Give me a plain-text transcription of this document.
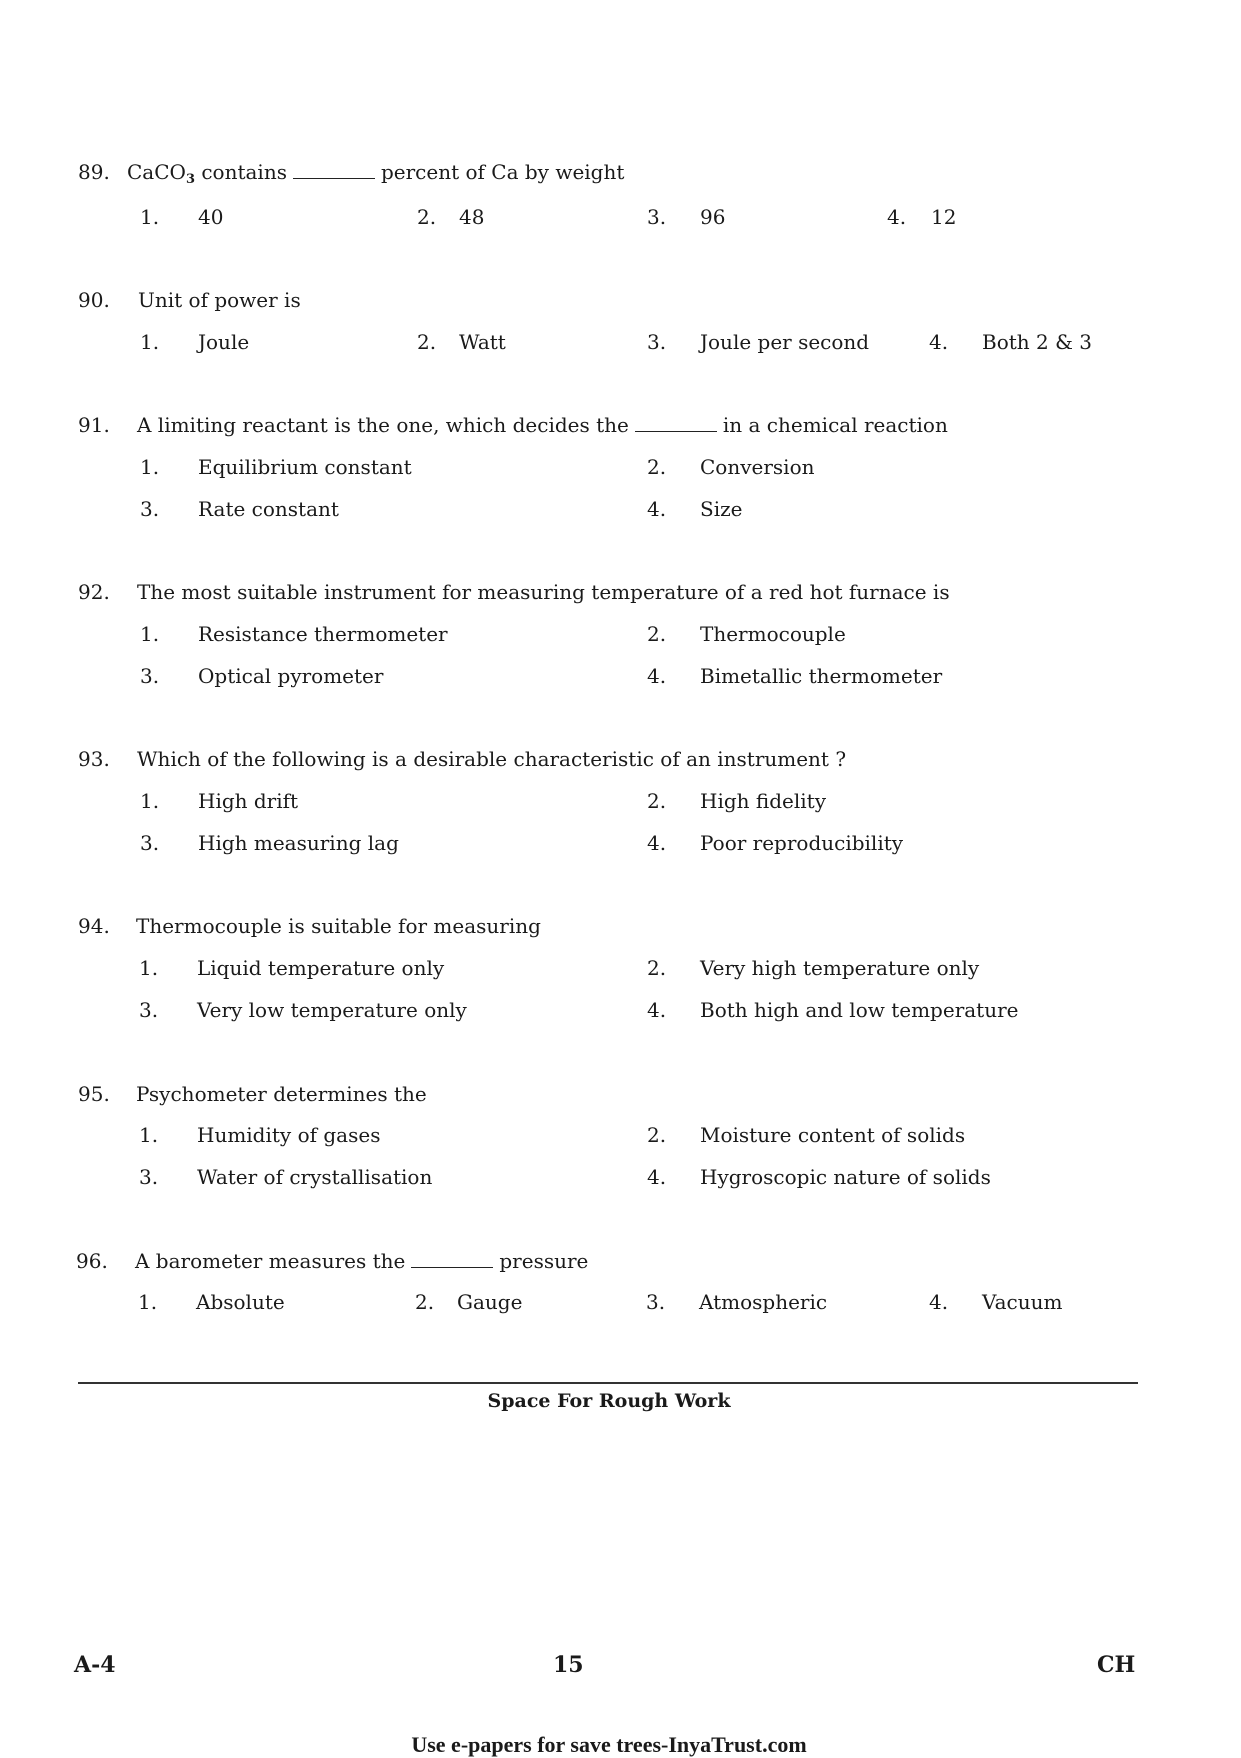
89. CaCO$_3$ contains	percent of Ca by weight
1. 40	2. 48	3. 96	4. 12
90. Unit of power is
1. Joule	2. Watt	3. Joule per second	4. Both 2 & 3
91. A limiting reactant is the one, which decides the	in a chemical reaction
1. Equilibrium constant	2. Conversion
3. Rate constant	4. Size
92. The most suitable instrument for measuring temperature of a red hot furnace is
1. Resistance thermometer	2. Thermocouple
3. Optical pyrometer	4. Bimetallic thermometer
93. Which of the following is a desirable characteristic of an instrument ?
1. High drift	2. High fidelity
3. High measuring lag	4. Poor reproducibility
94. Thermocouple is suitable for measuring
1. Liquid temperature only	2. Very high temperature only
3. Very low temperature only	4. Both high and low temperature
95. Psychometer determines the
1. Humidity of gases	2. Moisture content of solids
3. Water of crystallisation	4. Hygroscopic nature of solids
96. A barometer measures the	pressure
1. Absolute	2. Gauge	3. Atmospheric	4. Vacuum
Space For Rough Work
A-4	15	CH
Use e-papers for save trees-InyaTrust.com
